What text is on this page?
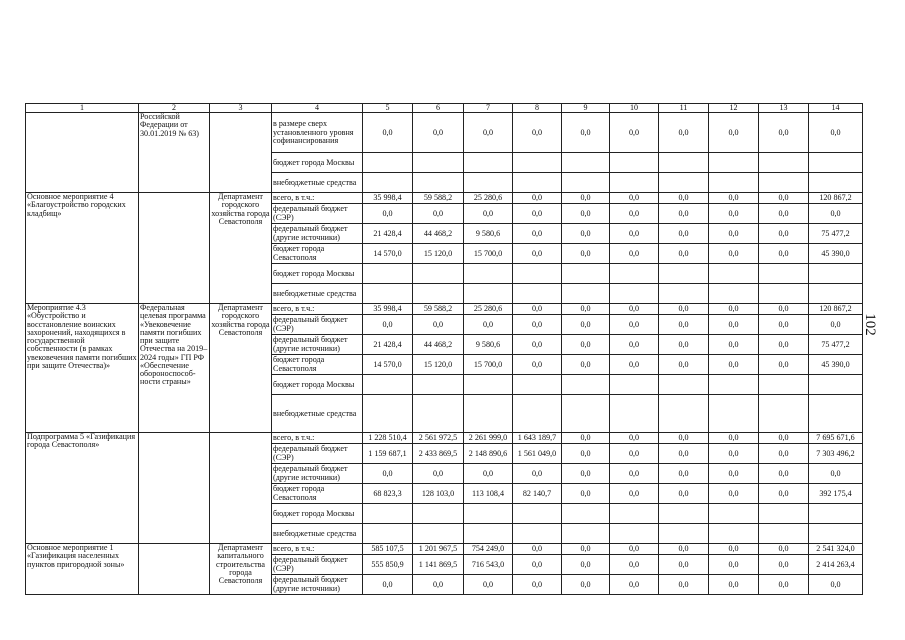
102
1	2	3	4	5	6	7	8	9	10	11	12	13	14
	Российской Федерации от 30.01.2019 № 63)		в размере сверх установленного уровня софинансирования	0,0	0,0	0,0	0,0	0,0	0,0	0,0	0,0	0,0	0,0
			бюджет города Москвы										
			внебюджетные средства										
Основное мероприятие 4 «Благоустройство городских кладбищ»		Департамент городского хозяйства города Севастополя	всего, в т.ч.:	35 998,4	59 588,2	25 280,6	0,0	0,0	0,0	0,0	0,0	0,0	120 867,2
			федеральный бюджет (СЭР)	0,0	0,0	0,0	0,0	0,0	0,0	0,0	0,0	0,0	0,0
			федеральный бюджет (другие источники)	21 428,4	44 468,2	9 580,6	0,0	0,0	0,0	0,0	0,0	0,0	75 477,2
			бюджет города Севастополя	14 570,0	15 120,0	15 700,0	0,0	0,0	0,0	0,0	0,0	0,0	45 390,0
			бюджет города Москвы										
			внебюджетные средства										
Мероприятие 4.3 «Обустройство и восстановление воинских захоронений, находящихся в государственной собственности (в рамках увековечения памяти погибших при защите Отечества)»	Федеральная целевая программа «Увековечение памяти погибших при защите Отечества на 2019–2024 годы» ГП РФ «Обеспечение обороноспособ-ности страны»	Департамент городского хозяйства города Севастополя	всего, в т.ч.:	35 998,4	59 588,2	25 280,6	0,0	0,0	0,0	0,0	0,0	0,0	120 867,2
			федеральный бюджет (СЭР)	0,0	0,0	0,0	0,0	0,0	0,0	0,0	0,0	0,0	0,0
			федеральный бюджет (другие источники)	21 428,4	44 468,2	9 580,6	0,0	0,0	0,0	0,0	0,0	0,0	75 477,2
			бюджет города Севастополя	14 570,0	15 120,0	15 700,0	0,0	0,0	0,0	0,0	0,0	0,0	45 390,0
			бюджет города Москвы										
			внебюджетные средства										
Подпрограмма 5 «Газификация города Севастополя»			всего, в т.ч.:	1 228 510,4	2 561 972,5	2 261 999,0	1 643 189,7	0,0	0,0	0,0	0,0	0,0	7 695 671,6
			федеральный бюджет (СЭР)	1 159 687,1	2 433 869,5	2 148 890,6	1 561 049,0	0,0	0,0	0,0	0,0	0,0	7 303 496,2
			федеральный бюджет (другие источники)	0,0	0,0	0,0	0,0	0,0	0,0	0,0	0,0	0,0	0,0
			бюджет города Севастополя	68 823,3	128 103,0	113 108,4	82 140,7	0,0	0,0	0,0	0,0	0,0	392 175,4
			бюджет города Москвы										
			внебюджетные средства										
Основное мероприятие 1 «Газификация населенных пунктов пригородной зоны»		Департамент капитального строительства города Севастополя	всего, в т.ч.:	585 107,5	1 201 967,5	754 249,0	0,0	0,0	0,0	0,0	0,0	0,0	2 541 324,0
			федеральный бюджет (СЭР)	555 850,9	1 141 869,5	716 543,0	0,0	0,0	0,0	0,0	0,0	0,0	2 414 263,4
			федеральный бюджет (другие источники)	0,0	0,0	0,0	0,0	0,0	0,0	0,0	0,0	0,0	0,0
